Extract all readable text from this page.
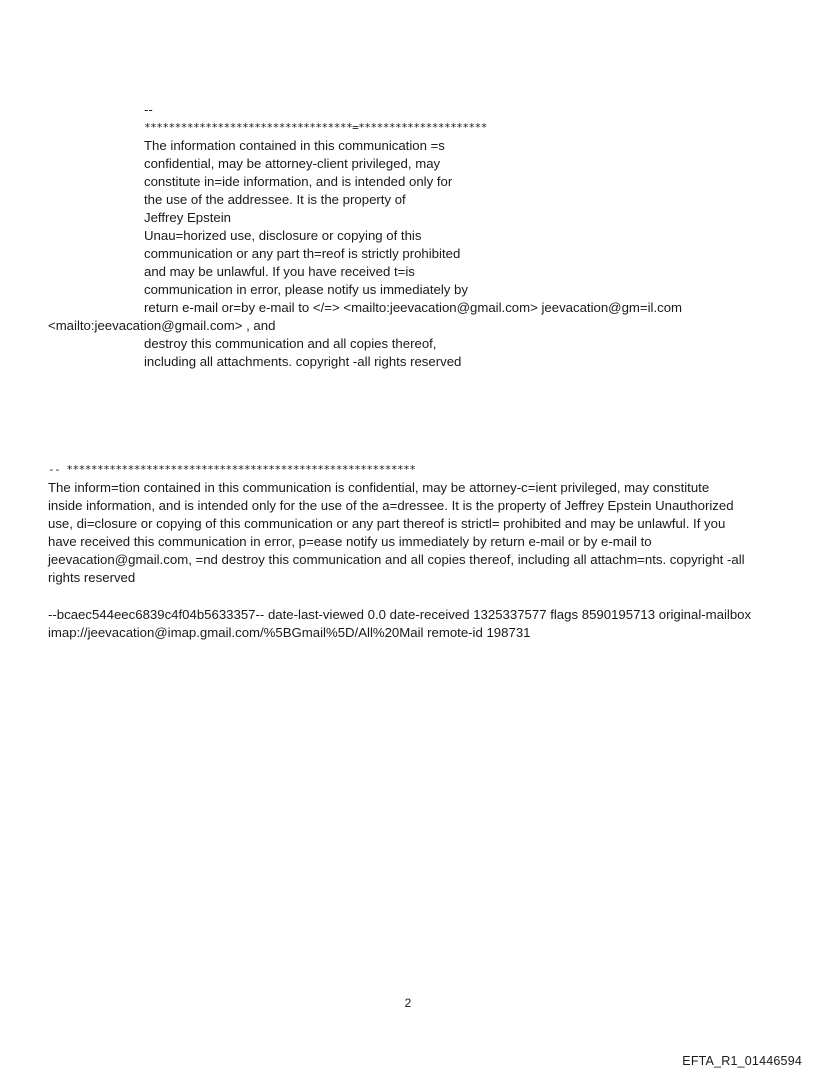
--
**********************************=*********************
The information contained in this communication =s
confidential, may be attorney-client privileged, may
constitute in=ide information, and is intended only for
the use of the addressee. It is the property of
Jeffrey Epstein
Unau=horized use, disclosure or copying of this
communication or any part th=reof is strictly prohibited
and may be unlawful. If you have received t=is
communication in error, please notify us immediately by
return e-mail or=by e-mail to </=> <mailto:jeevacation@gmail.com> jeevacation@gm=il.com
<mailto:jeevacation@gmail.com> , and
destroy this communication and all copies thereof,
including all attachments. copyright -all rights reserved
-- *********************************************************
The inform=tion contained in this communication is confidential, may be attorney-c=ient privileged, may constitute
inside information, and is intended only for the use of the a=dressee. It is the property of Jeffrey Epstein Unauthorized
use, di=closure or copying of this communication or any part thereof is strictl= prohibited and may be unlawful. If you
have received this communication in error, p=ease notify us immediately by return e-mail or by e-mail to
jeevacation@gmail.com, =nd destroy this communication and all copies thereof, including all attachm=nts. copyright -all
rights reserved
--bcaec544eec6839c4f04b5633357-- date-last-viewed 0.0 date-received 1325337577 flags 8590195713 original-mailbox
imap://jeevacation@imap.gmail.com/%5BGmail%5D/All%20Mail remote-id 198731
2
EFTA_R1_01446594
